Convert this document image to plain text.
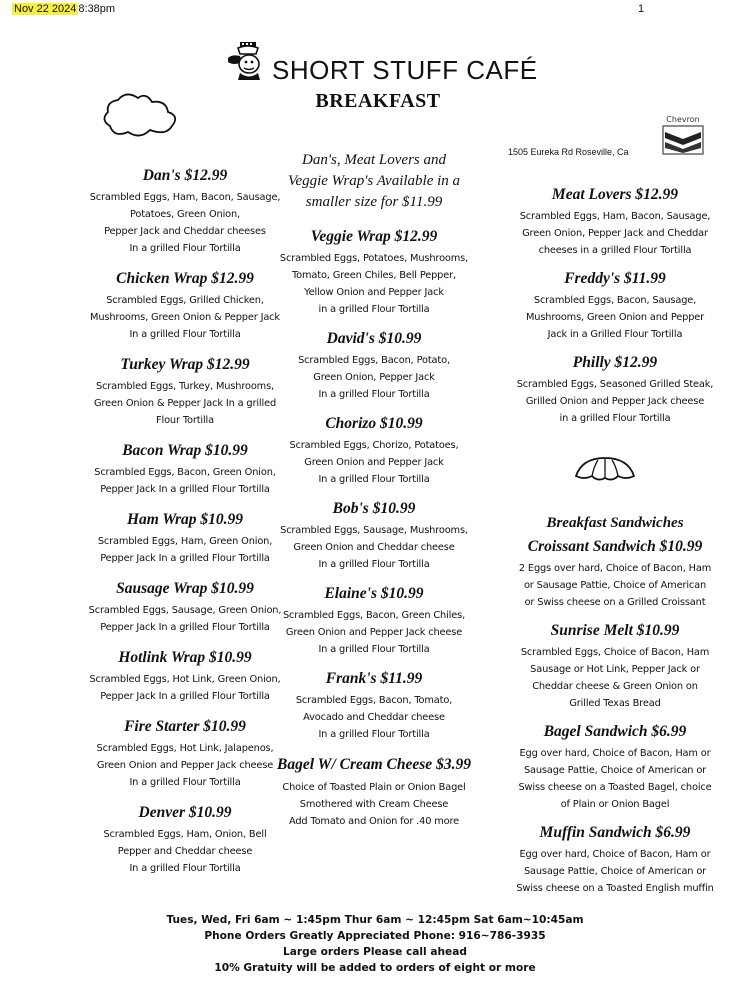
Nov 22 2024 8:38pm	1
SHORT STUFF CAFÉ
BREAKFAST
1505 Eureka Rd Roseville, Ca
Chevron
Dan's $12.99
Scrambled Eggs, Ham, Bacon, Sausage,
Potatoes, Green Onion,
Pepper Jack and Cheddar cheeses
In a grilled Flour Tortilla
Chicken Wrap $12.99
Scrambled Eggs, Grilled Chicken,
Mushrooms, Green Onion & Pepper Jack
In a grilled Flour Tortilla
Turkey Wrap $12.99
Scrambled Eggs, Turkey, Mushrooms,
Green Onion & Pepper Jack In a grilled
Flour Tortilla
Bacon Wrap $10.99
Scrambled Eggs, Bacon, Green Onion,
Pepper Jack In a grilled Flour Tortilla
Ham Wrap $10.99
Scrambled Eggs, Ham, Green Onion,
Pepper Jack In a grilled Flour Tortilla
Sausage Wrap $10.99
Scrambled Eggs, Sausage, Green Onion,
Pepper Jack In a grilled Flour Tortilla
Hotlink Wrap $10.99
Scrambled Eggs, Hot Link, Green Onion,
Pepper Jack In a grilled Flour Tortilla
Fire Starter $10.99
Scrambled Eggs, Hot Link, Jalapenos,
Green Onion and Pepper Jack cheese
In a grilled Flour Tortilla
Denver $10.99
Scrambled Eggs, Ham, Onion, Bell
Pepper and Cheddar cheese
In a grilled Flour Tortilla
Dan's, Meat Lovers and
Veggie Wrap's Available in a
smaller size for $11.99
Veggie Wrap $12.99
Scrambled Eggs, Potatoes, Mushrooms,
Tomato, Green Chiles, Bell Pepper,
Yellow Onion and Pepper Jack
in a grilled Flour Tortilla
David's $10.99
Scrambled Eggs, Bacon, Potato,
Green Onion, Pepper Jack
In a grilled Flour Tortilla
Chorizo $10.99
Scrambled Eggs, Chorizo, Potatoes,
Green Onion and Pepper Jack
In a grilled Flour Tortilla
Bob's $10.99
Scrambled Eggs, Sausage, Mushrooms,
Green Onion and Cheddar cheese
In a grilled Flour Tortilla
Elaine's $10.99
Scrambled Eggs, Bacon, Green Chiles,
Green Onion and Pepper Jack cheese
In a grilled Flour Tortilla
Frank's $11.99
Scrambled Eggs, Bacon, Tomato,
Avocado and Cheddar cheese
In a grilled Flour Tortilla
Bagel W/ Cream Cheese $3.99
Choice of Toasted Plain or Onion Bagel
Smothered with Cream Cheese
Add Tomato and Onion for .40 more
Meat Lovers $12.99
Scrambled Eggs, Ham, Bacon, Sausage,
Green Onion, Pepper Jack and Cheddar
cheeses in a grilled Flour Tortilla
Freddy's $11.99
Scrambled Eggs, Bacon, Sausage,
Mushrooms, Green Onion and Pepper
Jack in a Grilled Flour Tortilla
Philly $12.99
Scrambled Eggs, Seasoned Grilled Steak,
Grilled Onion and Pepper Jack cheese
in a grilled Flour Tortilla
Breakfast Sandwiches
Croissant Sandwich $10.99
2 Eggs over hard, Choice of Bacon, Ham
or Sausage Pattie, Choice of American
or Swiss cheese on a Grilled Croissant
Sunrise Melt $10.99
Scrambled Eggs, Choice of Bacon, Ham
Sausage or Hot Link, Pepper Jack or
Cheddar cheese & Green Onion on
Grilled Texas Bread
Bagel Sandwich $6.99
Egg over hard, Choice of Bacon, Ham or
Sausage Pattie, Choice of American or
Swiss cheese on a Toasted Bagel, choice
of Plain or Onion Bagel
Muffin Sandwich $6.99
Egg over hard, Choice of Bacon, Ham or
Sausage Pattie, Choice of American or
Swiss cheese on a Toasted English muffin
Tues, Wed, Fri 6am ~ 1:45pm Thur 6am ~ 12:45pm Sat 6am~10:45am
Phone Orders Greatly Appreciated Phone: 916~786-3935
Large orders Please call ahead
10% Gratuity will be added to orders of eight or more
